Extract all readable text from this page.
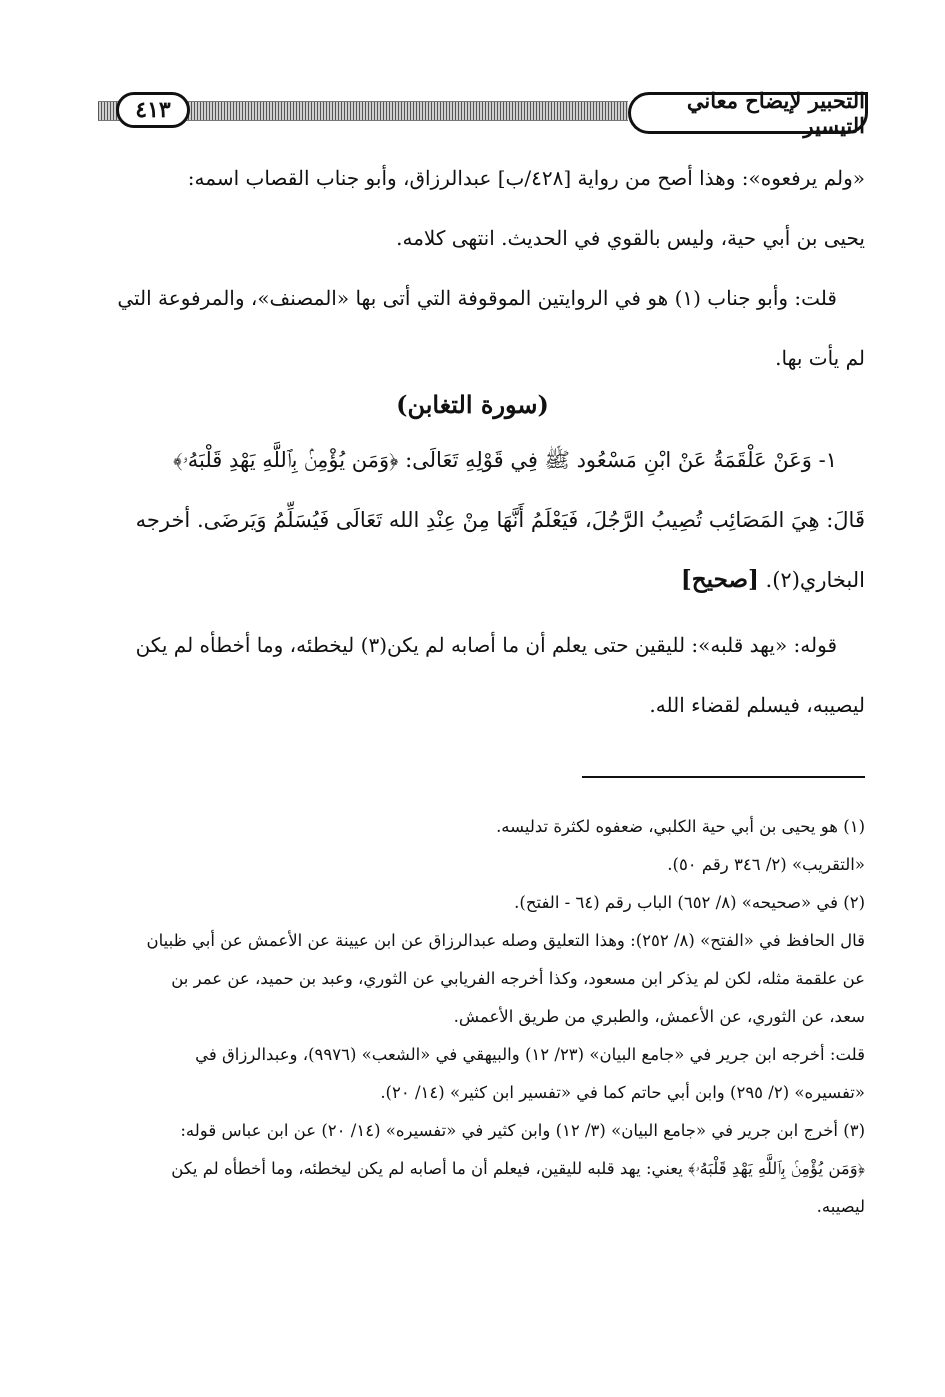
التحبير لإيضاح معاني التيسير
٤١٣
«ولم يرفعوه»: وهذا أصح من رواية [٤٢٨/ب] عبدالرزاق، وأبو جناب القصاب اسمه:
يحيى بن أبي حية، وليس بالقوي في الحديث. انتهى كلامه.
قلت: وأبو جناب (١) هو في الروايتين الموقوفة التي أتى بها «المصنف»، والمرفوعة التي
لم يأت بها.
(سورة التغابن)
١- وَعَنْ عَلْقَمَةُ عَنْ ابْنِ مَسْعُود ﷺ فِي قَوْلِهِ تَعَالَى: ﴿وَمَن يُؤْمِنۢ بِٱللَّهِ يَهْدِ قَلْبَهُۥ﴾
قَالَ: هِيَ المَصَائِب تُصِيبُ الرَّجُلَ، فَيَعْلَمُ أَنَّهَا مِنْ عِنْدِ الله تَعَالَى فَيُسَلِّمُ وَيَرضَى. أخرجه
البخاري(٢). [صحيح]
قوله: «يهد قلبه»: لليقين حتى يعلم أن ما أصابه لم يكن(٣) ليخطئه، وما أخطأه لم يكن
ليصيبه، فيسلم لقضاء الله.
(١) هو يحيى بن أبي حية الكلبي، ضعفوه لكثرة تدليسه.
«التقريب» (٢/ ٣٤٦ رقم ٥٠).
(٢) في «صحيحه» (٨/ ٦٥٢) الباب رقم (٦٤ - الفتح).
قال الحافظ في «الفتح» (٨/ ٢٥٢): وهذا التعليق وصله عبدالرزاق عن ابن عيينة عن الأعمش عن أبي ظبيان
عن علقمة مثله، لكن لم يذكر ابن مسعود، وكذا أخرجه الفريابي عن الثوري، وعبد بن حميد، عن عمر بن
سعد، عن الثوري، عن الأعمش، والطبري من طريق الأعمش.
قلت: أخرجه ابن جرير في «جامع البيان» (٢٣/ ١٢) والبيهقي في «الشعب» (٩٩٧٦)، وعبدالرزاق في
«تفسيره» (٢/ ٢٩٥) وابن أبي حاتم كما في «تفسير ابن كثير» (١٤/ ٢٠).
(٣) أخرج ابن جرير في «جامع البيان» (٣/ ١٢) وابن كثير في «تفسيره» (١٤/ ٢٠) عن ابن عباس قوله:
﴿وَمَن يُؤْمِنۢ بِٱللَّهِ يَهْدِ قَلْبَهُۥ﴾ يعني: يهد قلبه لليقين، فيعلم أن ما أصابه لم يكن ليخطئه، وما أخطأه لم يكن
ليصيبه.
